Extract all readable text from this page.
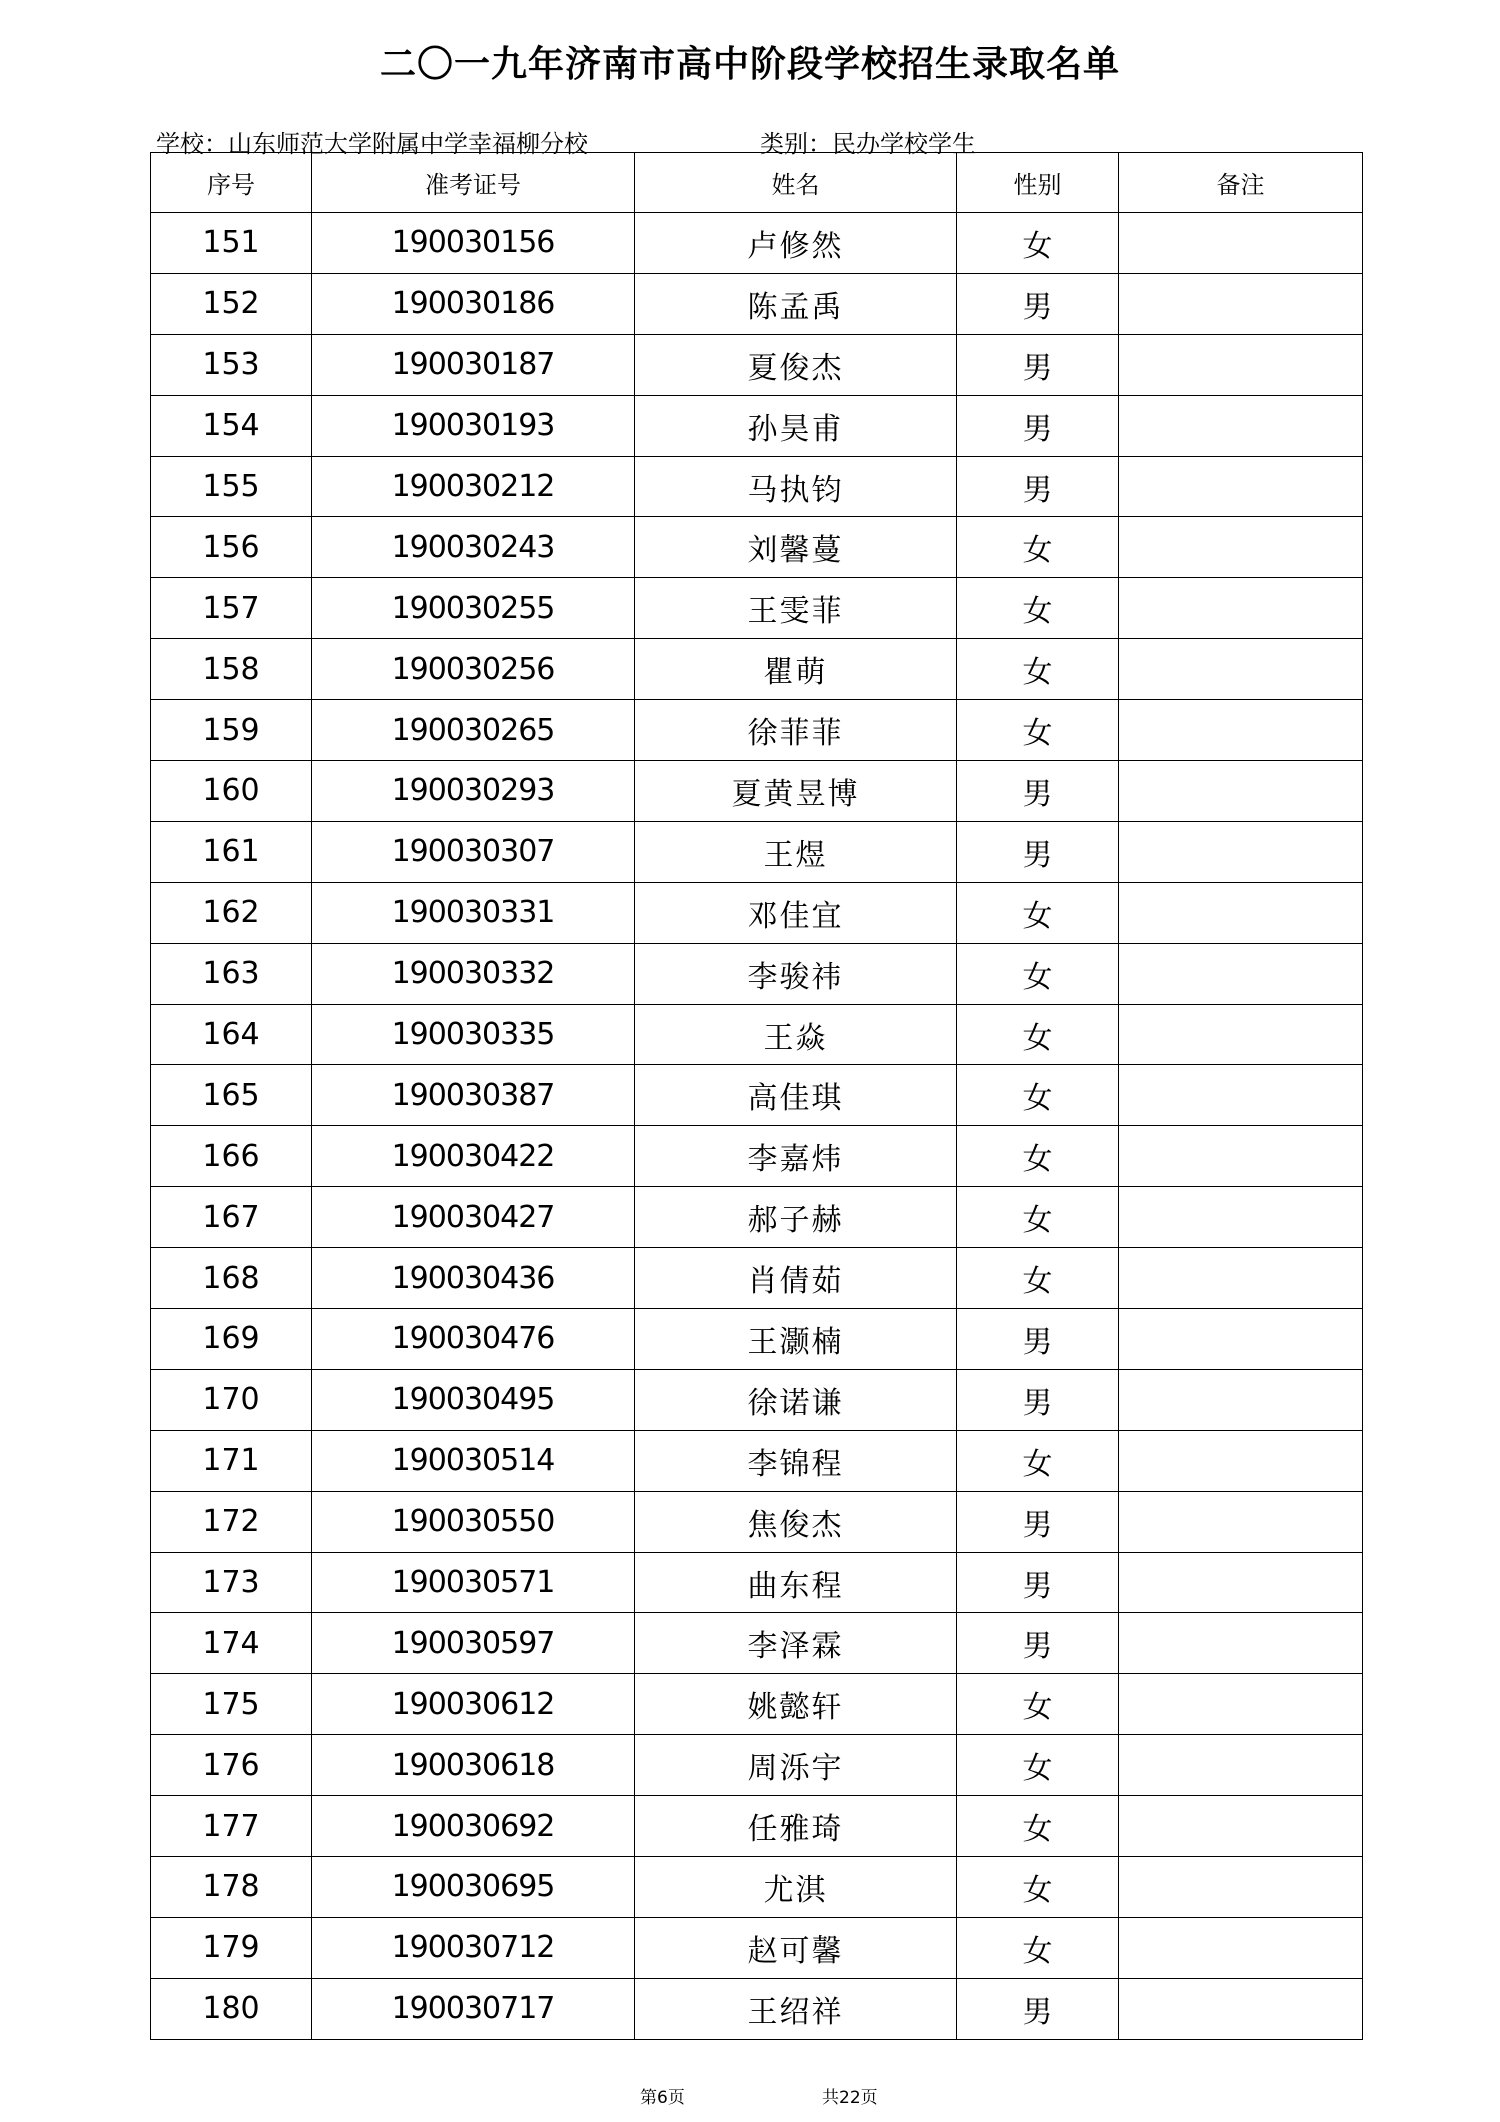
二〇一九年济南市高中阶段学校招生录取名单
学校：山东师范大学附属中学幸福柳分校	类别：民办学校学生
序号	准考证号	姓名	性别	备注
151	190030156	卢修然	女	
152	190030186	陈孟禹	男	
153	190030187	夏俊杰	男	
154	190030193	孙昊甫	男	
155	190030212	马执钧	男	
156	190030243	刘馨蔓	女	
157	190030255	王雯菲	女	
158	190030256	瞿萌	女	
159	190030265	徐菲菲	女	
160	190030293	夏黄昱博	男	
161	190030307	王煜	男	
162	190030331	邓佳宜	女	
163	190030332	李骏祎	女	
164	190030335	王焱	女	
165	190030387	高佳琪	女	
166	190030422	李嘉炜	女	
167	190030427	郝子赫	女	
168	190030436	肖倩茹	女	
169	190030476	王灏楠	男	
170	190030495	徐诺谦	男	
171	190030514	李锦程	女	
172	190030550	焦俊杰	男	
173	190030571	曲东程	男	
174	190030597	李泽霖	男	
175	190030612	姚懿轩	女	
176	190030618	周泺宇	女	
177	190030692	任雅琦	女	
178	190030695	尤淇	女	
179	190030712	赵可馨	女	
180	190030717	王绍祥	男	
第6页	共22页
